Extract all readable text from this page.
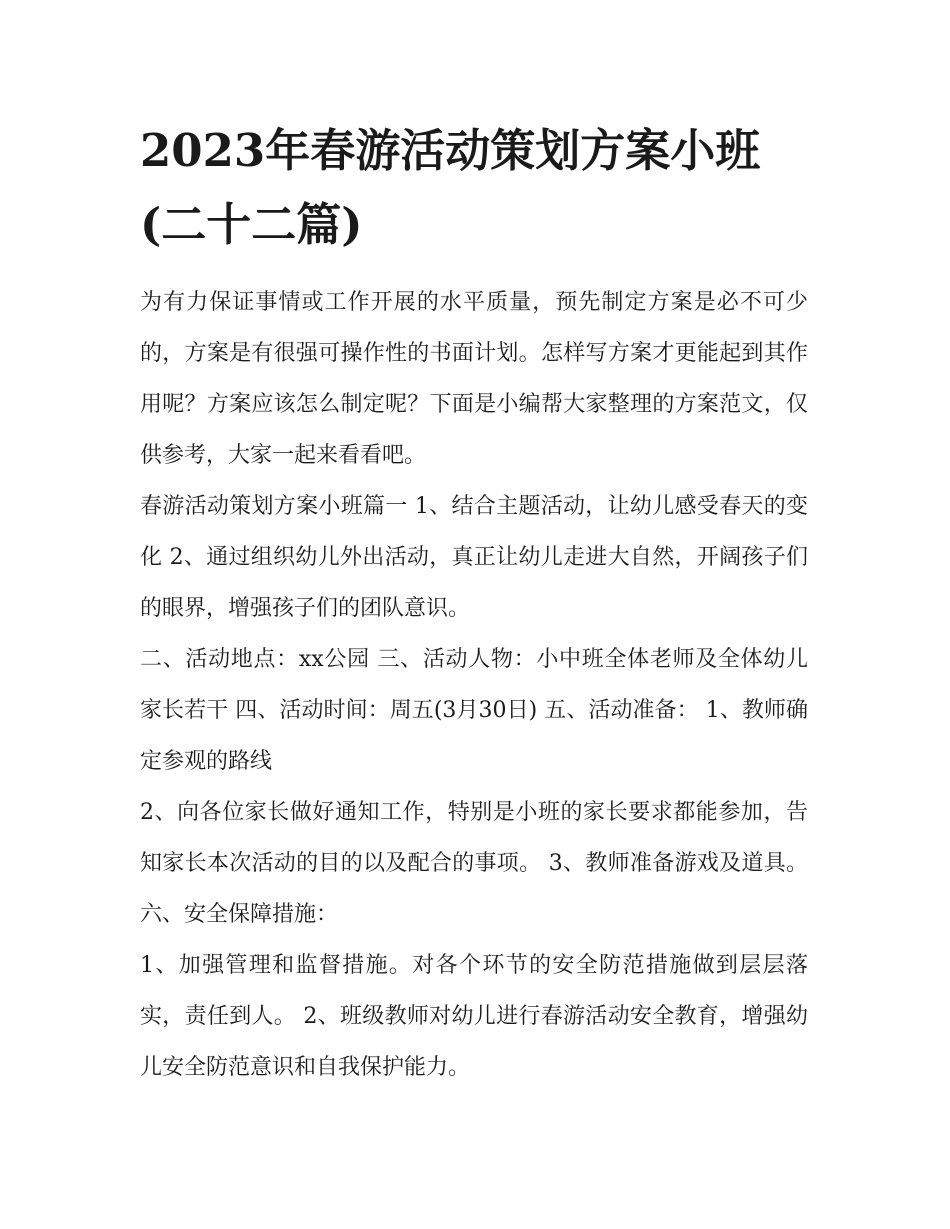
2023年春游活动策划方案小班(二十二篇)

为有力保证事情或工作开展的水平质量，预先制定方案是必不可少的，方案是有很强可操作性的书面计划。怎样写方案才更能起到其作用呢？方案应该怎么制定呢？下面是小编帮大家整理的方案范文，仅供参考，大家一起来看看吧。

春游活动策划方案小班篇一 1、结合主题活动，让幼儿感受春天的变化 2、通过组织幼儿外出活动，真正让幼儿走进大自然，开阔孩子们的眼界，增强孩子们的团队意识。

二、活动地点：xx公园 三、活动人物：小中班全体老师及全体幼儿 家长若干 四、活动时间：周五(3月30日) 五、活动准备： 1、教师确定参观的路线

2、向各位家长做好通知工作，特别是小班的家长要求都能参加，告知家长本次活动的目的以及配合的事项。 3、教师准备游戏及道具。 六、安全保障措施：

1、加强管理和监督措施。对各个环节的安全防范措施做到层层落实，责任到人。 2、班级教师对幼儿进行春游活动安全教育，增强幼儿安全防范意识和自我保护能力。
